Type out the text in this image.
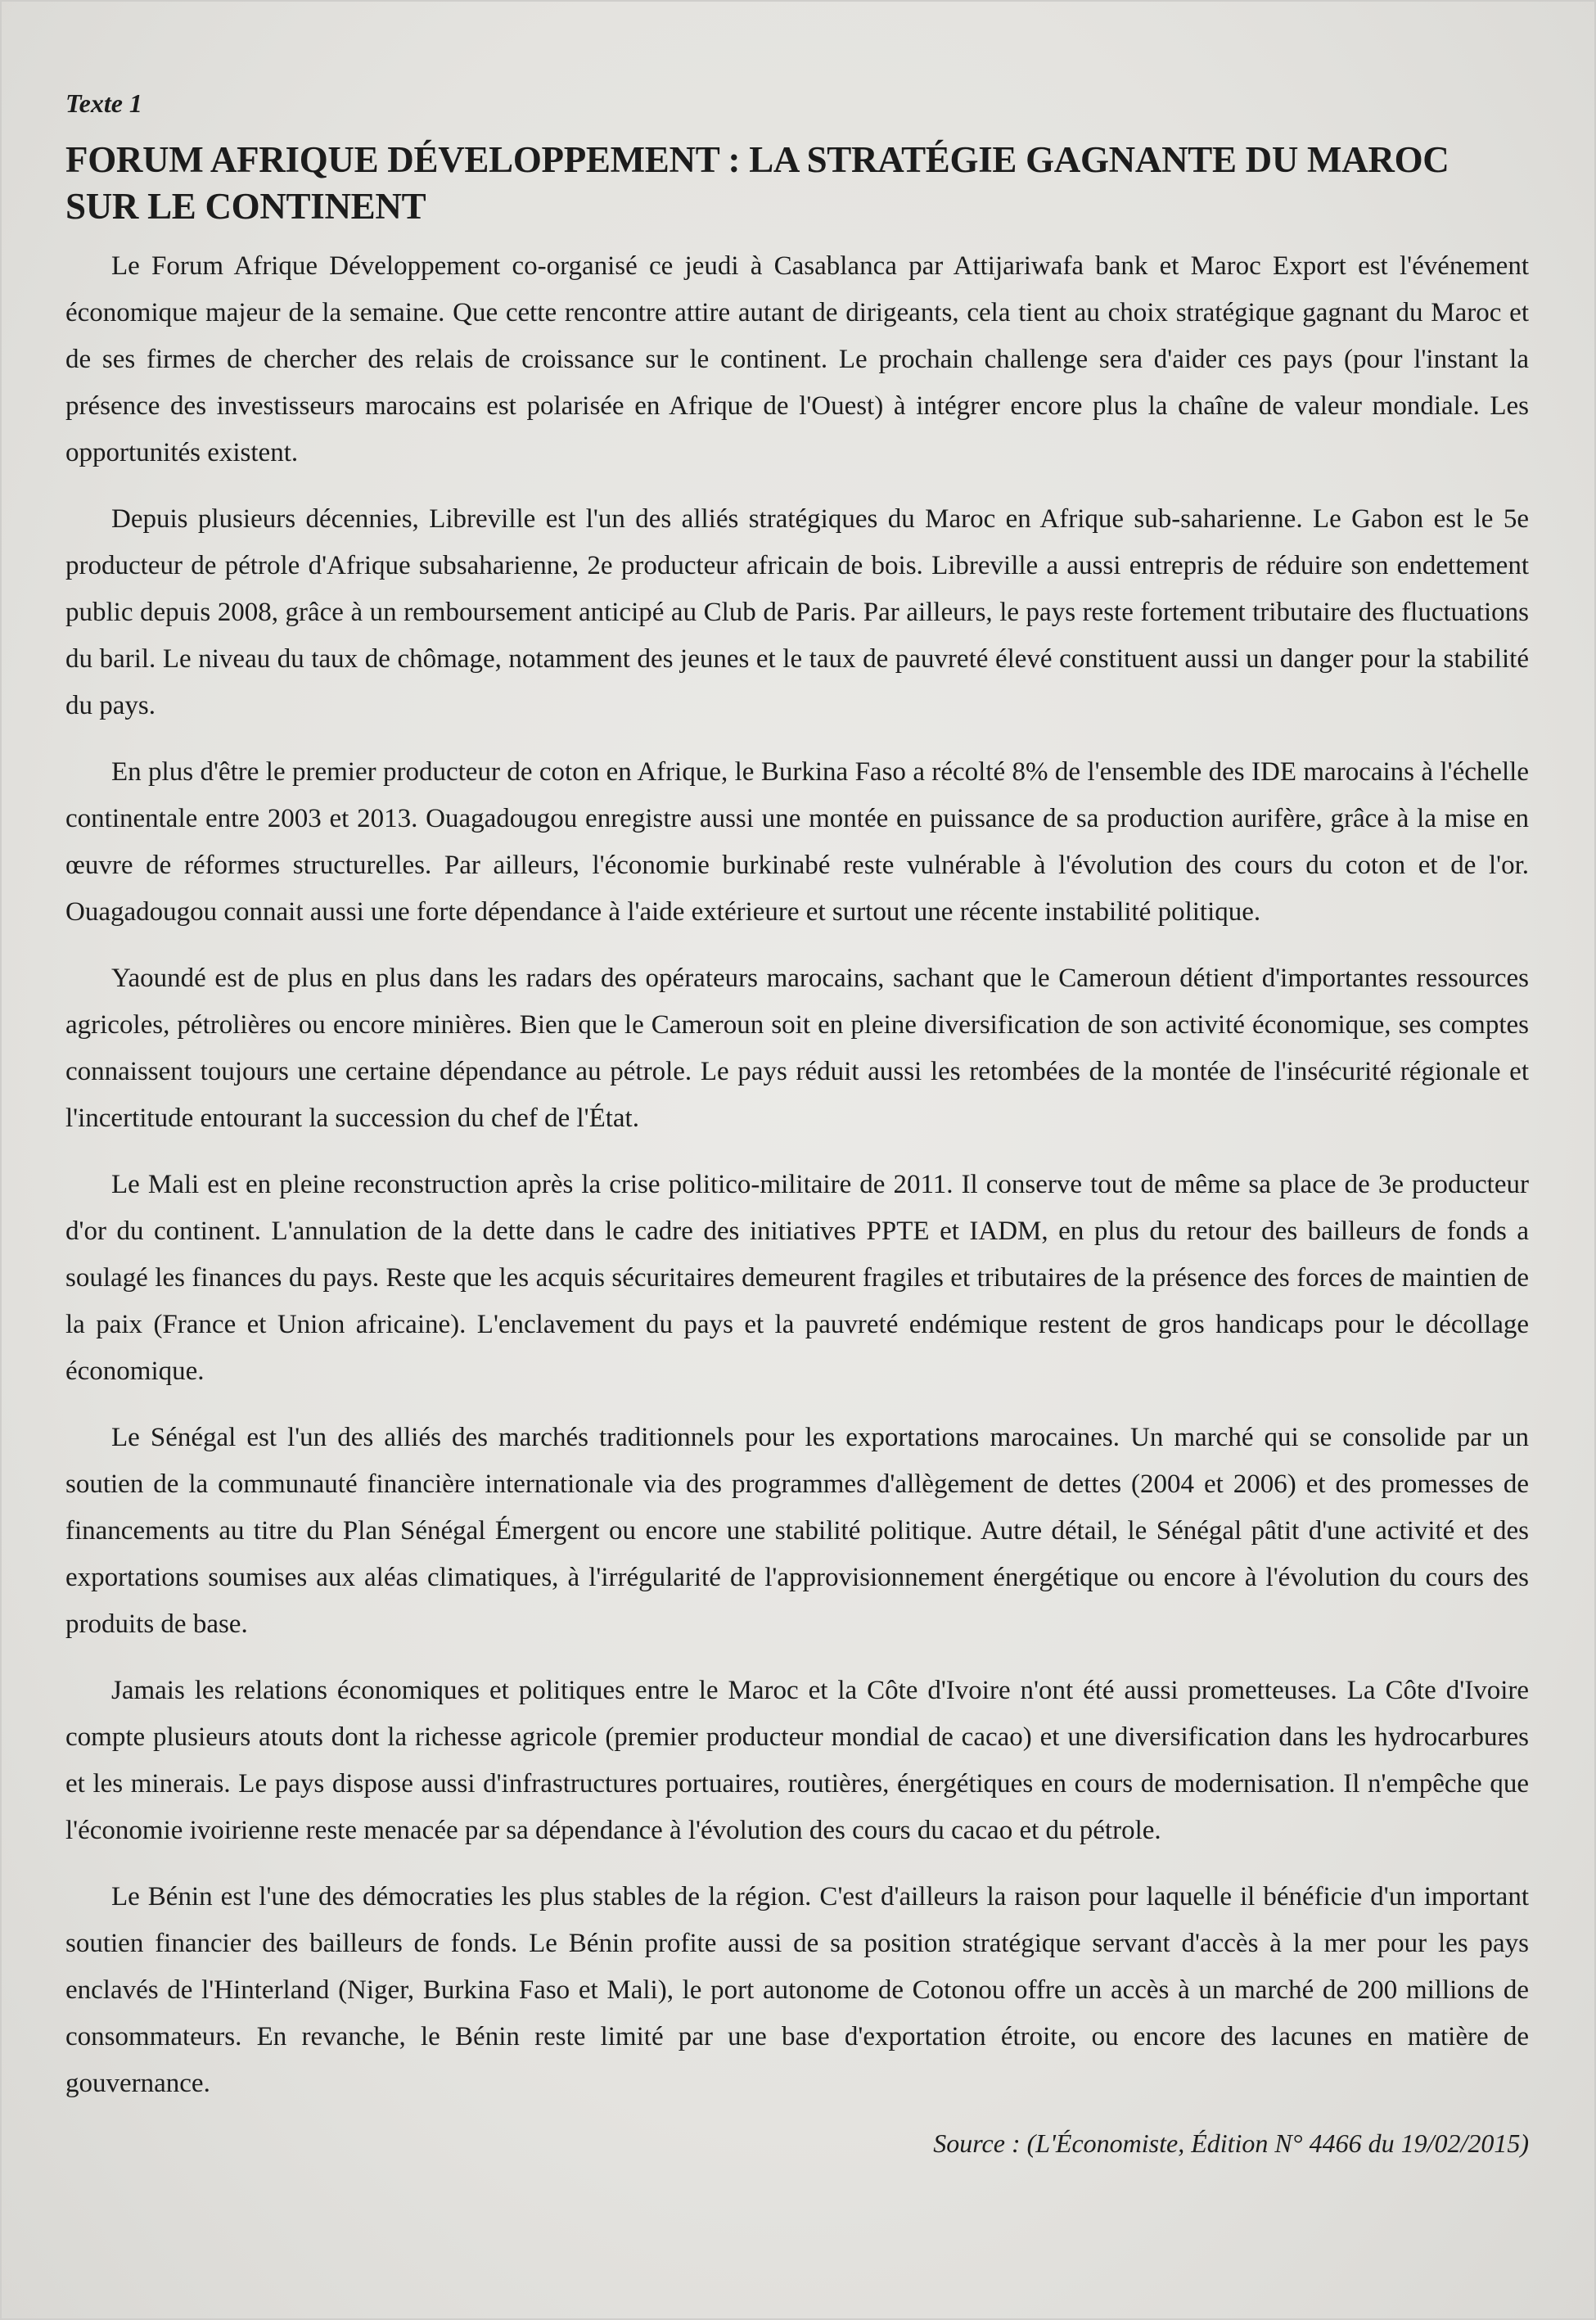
Texte 1
FORUM AFRIQUE DÉVELOPPEMENT : LA STRATÉGIE GAGNANTE DU MAROC SUR LE CONTINENT

Le Forum Afrique Développement co-organisé ce jeudi à Casablanca par Attijariwafa bank et Maroc Export est l'événement économique majeur de la semaine. Que cette rencontre attire autant de dirigeants, cela tient au choix stratégique gagnant du Maroc et de ses firmes de chercher des relais de croissance sur le continent. Le prochain challenge sera d'aider ces pays (pour l'instant la présence des investisseurs marocains est polarisée en Afrique de l'Ouest) à intégrer encore plus la chaîne de valeur mondiale. Les opportunités existent.

Depuis plusieurs décennies, Libreville est l'un des alliés stratégiques du Maroc en Afrique sub-saharienne. Le Gabon est le 5e producteur de pétrole d'Afrique subsaharienne, 2e producteur africain de bois. Libreville a aussi entrepris de réduire son endettement public depuis 2008, grâce à un remboursement anticipé au Club de Paris. Par ailleurs, le pays reste fortement tributaire des fluctuations du baril. Le niveau du taux de chômage, notamment des jeunes et le taux de pauvreté élevé constituent aussi un danger pour la stabilité du pays.

En plus d'être le premier producteur de coton en Afrique, le Burkina Faso a récolté 8% de l'ensemble des IDE marocains à l'échelle continentale entre 2003 et 2013. Ouagadougou enregistre aussi une montée en puissance de sa production aurifère, grâce à la mise en œuvre de réformes structurelles. Par ailleurs, l'économie burkinabé reste vulnérable à l'évolution des cours du coton et de l'or. Ouagadougou connait aussi une forte dépendance à l'aide extérieure et surtout une récente instabilité politique.

Yaoundé est de plus en plus dans les radars des opérateurs marocains, sachant que le Cameroun détient d'importantes ressources agricoles, pétrolières ou encore minières. Bien que le Cameroun soit en pleine diversification de son activité économique, ses comptes connaissent toujours une certaine dépendance au pétrole. Le pays réduit aussi les retombées de la montée de l'insécurité régionale et l'incertitude entourant la succession du chef de l'État.

Le Mali est en pleine reconstruction après la crise politico-militaire de 2011. Il conserve tout de même sa place de 3e producteur d'or du continent. L'annulation de la dette dans le cadre des initiatives PPTE et IADM, en plus du retour des bailleurs de fonds a soulagé les finances du pays. Reste que les acquis sécuritaires demeurent fragiles et tributaires de la présence des forces de maintien de la paix (France et Union africaine). L'enclavement du pays et la pauvreté endémique restent de gros handicaps pour le décollage économique.

Le Sénégal est l'un des alliés des marchés traditionnels pour les exportations marocaines. Un marché qui se consolide par un soutien de la communauté financière internationale via des programmes d'allègement de dettes (2004 et 2006) et des promesses de financements au titre du Plan Sénégal Émergent ou encore une stabilité politique. Autre détail, le Sénégal pâtit d'une activité et des exportations soumises aux aléas climatiques, à l'irrégularité de l'approvisionnement énergétique ou encore à l'évolution du cours des produits de base.

Jamais les relations économiques et politiques entre le Maroc et la Côte d'Ivoire n'ont été aussi prometteuses. La Côte d'Ivoire compte plusieurs atouts dont la richesse agricole (premier producteur mondial de cacao) et une diversification dans les hydrocarbures et les minerais. Le pays dispose aussi d'infrastructures portuaires, routières, énergétiques en cours de modernisation. Il n'empêche que l'économie ivoirienne reste menacée par sa dépendance à l'évolution des cours du cacao et du pétrole.

Le Bénin est l'une des démocraties les plus stables de la région. C'est d'ailleurs la raison pour laquelle il bénéficie d'un important soutien financier des bailleurs de fonds. Le Bénin profite aussi de sa position stratégique servant d'accès à la mer pour les pays enclavés de l'Hinterland (Niger, Burkina Faso et Mali), le port autonome de Cotonou offre un accès à un marché de 200 millions de consommateurs. En revanche, le Bénin reste limité par une base d'exportation étroite, ou encore des lacunes en matière de gouvernance.

Source : (L'Économiste, Édition N° 4466 du 19/02/2015)
